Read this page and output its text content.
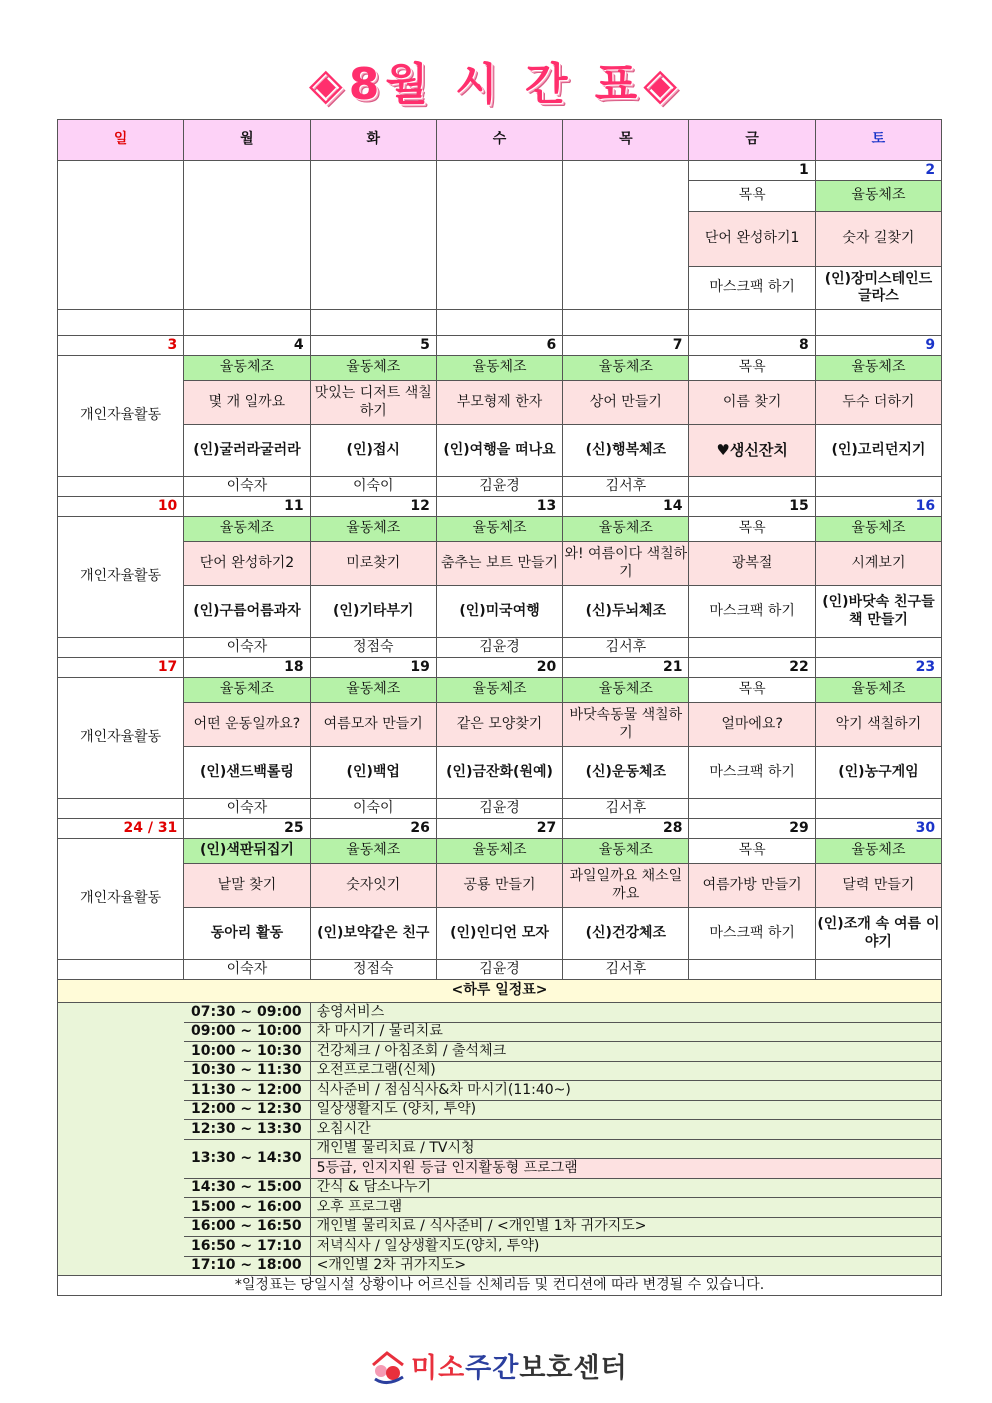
◈8월 시 간 표◈
일	월	화	수	목	금	토
					1	2
					목욕	율동체조
					단어 완성하기1	숫자 길찾기
					마스크팩 하기	(인)장미스테인드 글라스

3	4	5	6	7	8	9
개인자율활동	율동체조	율동체조	율동체조	율동체조	목욕	율동체조
	몇 개 일까요	맛있는 디저트 색칠하기	부모형제 한자	상어 만들기	이름 찾기	두수 더하기
	(인)굴러라굴러라	(인)접시	(인)여행을 떠나요	(신)행복체조	♥생신잔치	(인)고리던지기
	이숙자	이숙이	김윤경	김서후		
10	11	12	13	14	15	16
개인자율활동	율동체조	율동체조	율동체조	율동체조	목욕	율동체조
	단어 완성하기2	미로찾기	춤추는 보트 만들기	와! 여름이다 색칠하기	광복절	시계보기
	(인)구름어름과자	(인)기타부기	(인)미국여행	(신)두뇌체조	마스크팩 하기	(인)바닷속 친구들책 만들기
	이숙자	정점숙	김윤경	김서후		
17	18	19	20	21	22	23
개인자율활동	율동체조	율동체조	율동체조	율동체조	목욕	율동체조
	어떤 운동일까요?	여름모자 만들기	같은 모양찾기	바닷속동물 색칠하기	얼마에요?	악기 색칠하기
	(인)샌드백롤링	(인)백업	(인)금잔화(원예)	(신)운동체조	마스크팩 하기	(인)농구게임
	이숙자	이숙이	김윤경	김서후		
24 / 31	25	26	27	28	29	30
개인자율활동	(인)색판뒤집기	율동체조	율동체조	율동체조	목욕	율동체조
	낱말 찾기	숫자잇기	공룡 만들기	과일일까요 채소일까요	여름가방 만들기	달력 만들기
	동아리 활동	(인)보약같은 친구	(인)인디언 모자	(신)건강체조	마스크팩 하기	(인)조개 속 여름 이야기
	이숙자	정점숙	김윤경	김서후		
<하루 일정표>						
	07:30 ~ 09:00	송영서비스				
	09:00 ~ 10:00	차 마시기 / 물리치료				
	10:00 ~ 10:30	건강체크 / 아침조회 / 출석체크				
	10:30 ~ 11:30	오전프로그램(신체)				
	11:30 ~ 12:00	식사준비 / 점심식사&차 마시기(11:40~)				
	12:00 ~ 12:30	일상생활지도 (양치, 투약)				
	12:30 ~ 13:30	오침시간				
	13:30 ~ 14:30	개인별 물리치료 / TV시청				
		5등급, 인지지원 등급 인지활동형 프로그램				
	14:30 ~ 15:00	간식 & 담소나누기				
	15:00 ~ 16:00	오후 프로그램				
	16:00 ~ 16:50	개인별 물리치료 / 식사준비 / <개인별 1차 귀가지도>				
	16:50 ~ 17:10	저녁식사 / 일상생활지도(양치, 투약)				
	17:10 ~ 18:00	<개인별 2차 귀가지도>				
*일정표는 당일시설 상황이나 어르신들 신체리듬 및 컨디션에 따라 변경될 수 있습니다.						
미소주간보호센터
